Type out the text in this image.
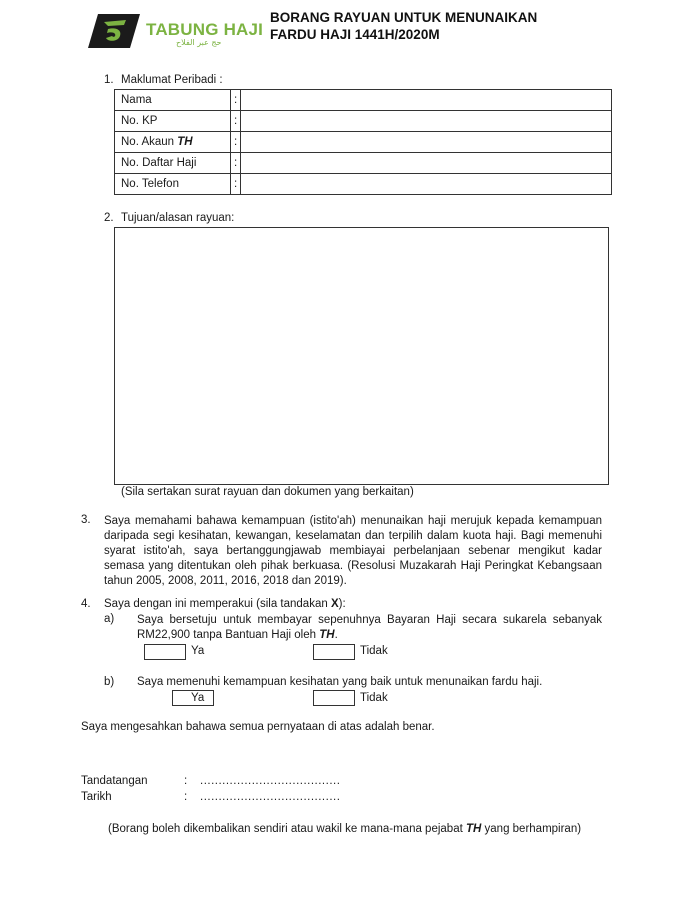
TABUNG HAJI
حج عبر الفلاح
BORANG RAYUAN UNTUK MENUNAIKAN
FARDU HAJI 1441H/2020M
1. Maklumat Peribadi :
Nama	:	
No. KP	:	
No. Akaun TH	:	
No. Daftar Haji	:	
No. Telefon	:	
2. Tujuan/alasan rayuan:
(Sila sertakan surat rayuan dan dokumen yang berkaitan)
3. Saya memahami bahawa kemampuan (istito'ah) menunaikan haji merujuk kepada kemampuan daripada segi kesihatan, kewangan, keselamatan dan terpilih dalam kuota haji. Bagi memenuhi syarat istito'ah, saya bertanggungjawab membiayai perbelanjaan sebenar mengikut kadar semasa yang ditentukan oleh pihak berkuasa. (Resolusi Muzakarah Haji Peringkat Kebangsaan tahun 2005, 2008, 2011, 2016, 2018 dan 2019).
4. Saya dengan ini memperakui (sila tandakan X):
a) Saya bersetuju untuk membayar sepenuhnya Bayaran Haji secara sukarela sebanyak RM22,900 tanpa Bantuan Haji oleh TH.
Ya	Tidak
b) Saya memenuhi kemampuan kesihatan yang baik untuk menunaikan fardu haji.
Ya	Tidak
Saya mengesahkan bahawa semua pernyataan di atas adalah benar.
Tandatangan	: ......................................
Tarikh	: ......................................
(Borang boleh dikembalikan sendiri atau wakil ke mana-mana pejabat TH yang berhampiran)
